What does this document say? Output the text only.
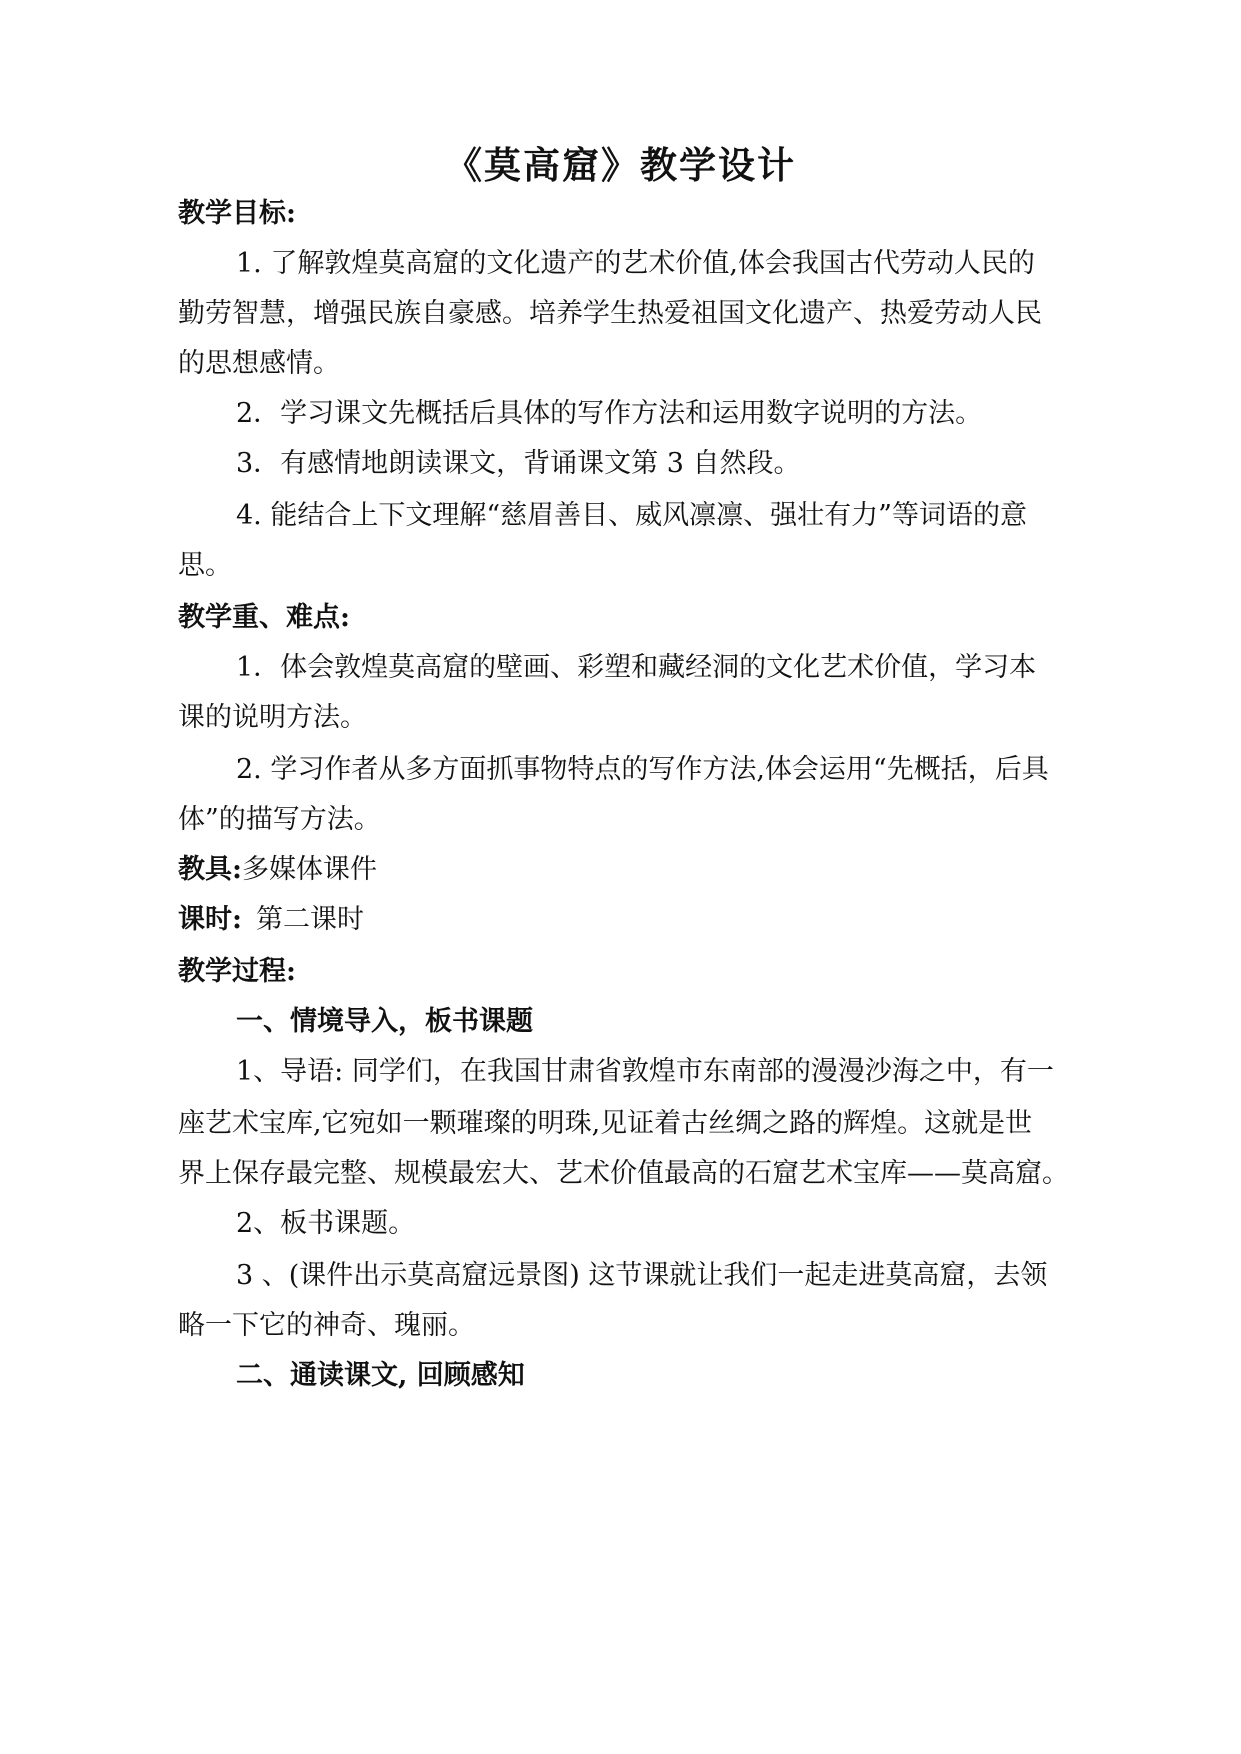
《莫高窟》教学设计
教学目标:
1. 了解敦煌莫高窟的文化遗产的艺术价值,体会我国古代劳动人民的
勤劳智慧，增强民族自豪感。培养学生热爱祖国文化遗产、热爱劳动人民
的思想感情。
2．学习课文先概括后具体的写作方法和运用数字说明的方法。
3．有感情地朗读课文，背诵课文第 3 自然段。
4. 能结合上下文理解“慈眉善目、威风凛凛、强壮有力”等词语的意
思。
教学重、难点:
1．体会敦煌莫高窟的壁画、彩塑和藏经洞的文化艺术价值，学习本
课的说明方法。
2. 学习作者从多方面抓事物特点的写作方法,体会运用“先概括，后具
体”的描写方法。
教具:多媒体课件
课时: 第二课时
教学过程:
一、情境导入，板书课题
1、导语: 同学们，在我国甘肃省敦煌市东南部的漫漫沙海之中，有一
座艺术宝库,它宛如一颗璀璨的明珠,见证着古丝绸之路的辉煌。这就是世
界上保存最完整、规模最宏大、艺术价值最高的石窟艺术宝库——莫高窟。
2、板书课题。
3 、(课件出示莫高窟远景图) 这节课就让我们一起走进莫高窟，去领
略一下它的神奇、瑰丽。
二、通读课文, 回顾感知
